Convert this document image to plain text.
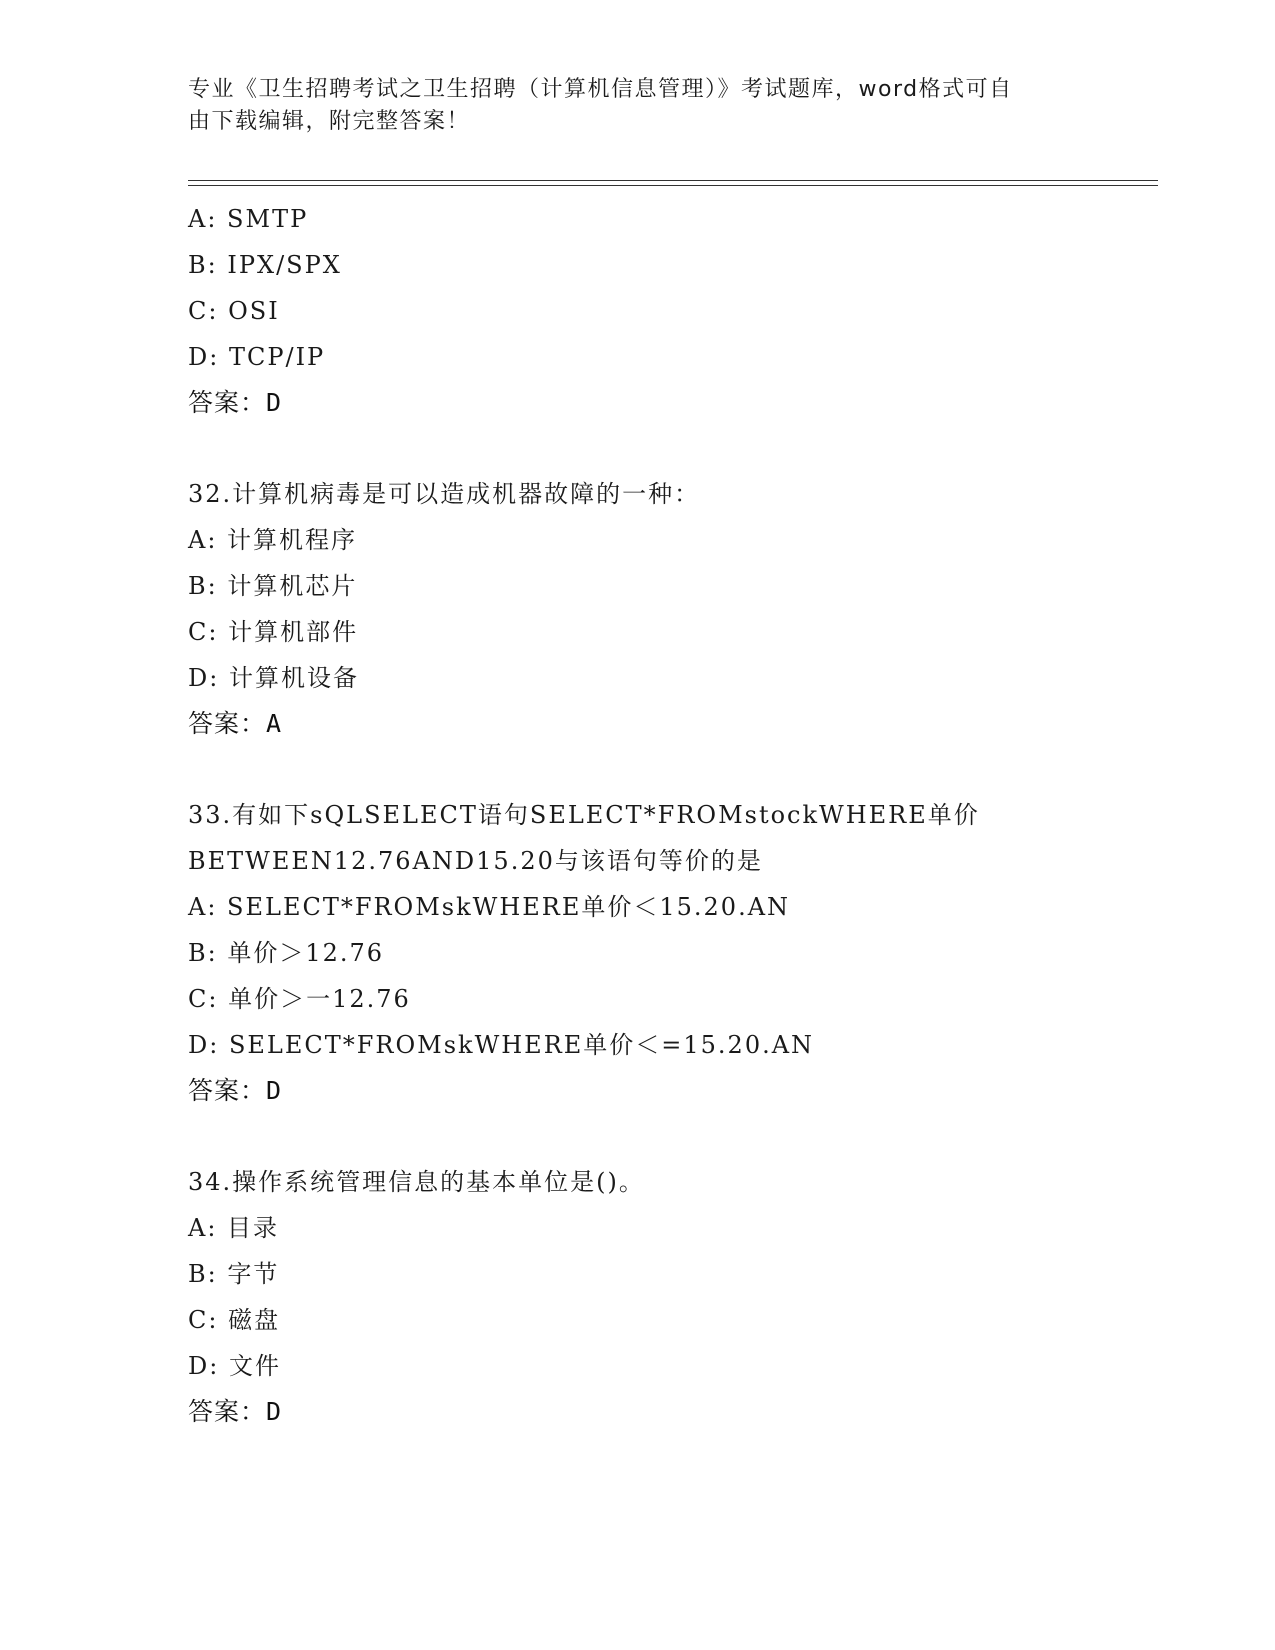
专业《卫生招聘考试之卫生招聘（计算机信息管理）》考试题库，word格式可自
由下载编辑，附完整答案！
A: SMTP
B: IPX/SPX
C: OSI
D: TCP/IP
答案：D
32.计算机病毒是可以造成机器故障的一种：
A: 计算机程序
B: 计算机芯片
C: 计算机部件
D: 计算机设备
答案：A
33.有如下sQLSELECT语句SELECT*FROMstockWHERE单价
BETWEEN12.76AND15.20与该语句等价的是
A: SELECT*FROMskWHERE单价＜15.20.AN
B: 单价＞12.76
C: 单价＞一12.76
D: SELECT*FROMskWHERE单价＜=15.20.AN
答案：D
34.操作系统管理信息的基本单位是()。
A: 目录
B: 字节
C: 磁盘
D: 文件
答案：D
